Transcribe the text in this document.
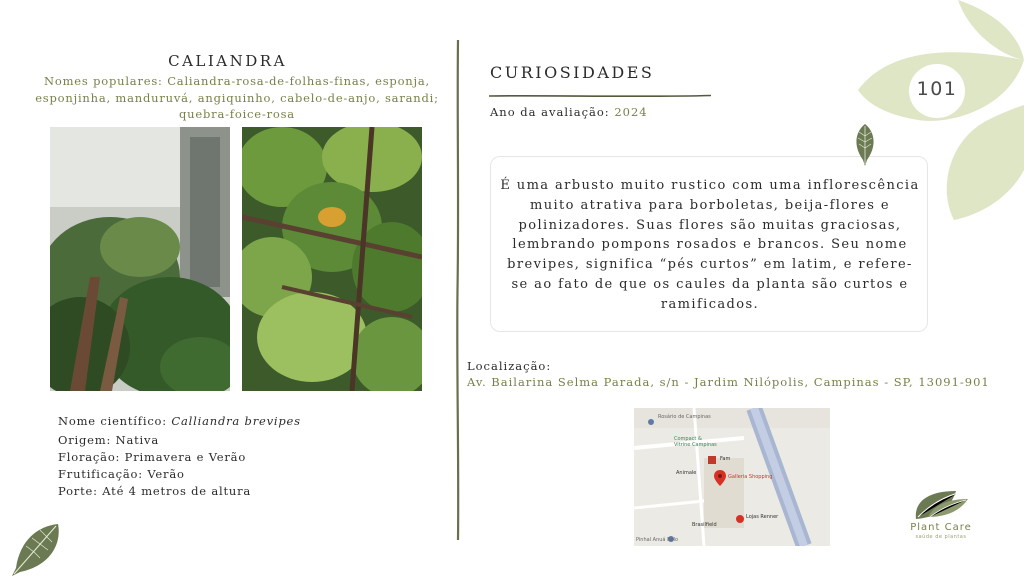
CALIANDRA
Nomes populares: Caliandra-rosa-de-folhas-finas, esponja, esponjinha, manduruvá, angiquinho, cabelo-de-anjo, sarandi; quebra-foice-rosa
Nome científico: Calliandra brevipes
Origem: Nativa
Floração: Primavera e Verão
Frutificação: Verão
Porte: Até 4 metros de altura
CURIOSIDADES
Ano da avaliação: 2024
É uma arbusto muito rustico com uma inflorescência muito atrativa para borboletas, beija-flores e polinizadores. Suas flores são muitas graciosas, lembrando pompons rosados e brancos. Seu nome brevipes, significa “pés curtos” em latim, e refere-se ao fato de que os caules da planta são curtos e ramificados.
Localização:
Av. Bailarina Selma Parada, s/n - Jardim Nilópolis, Campinas - SP, 13091-901
Rosário de Campinas
Compact &
Vitrine Campinas
Fam
Animale
Galleria Shopping
Lojas Renner
Brasilfield
Pinhal Anuá Belo
101
Plant Care
saúde de plantas
